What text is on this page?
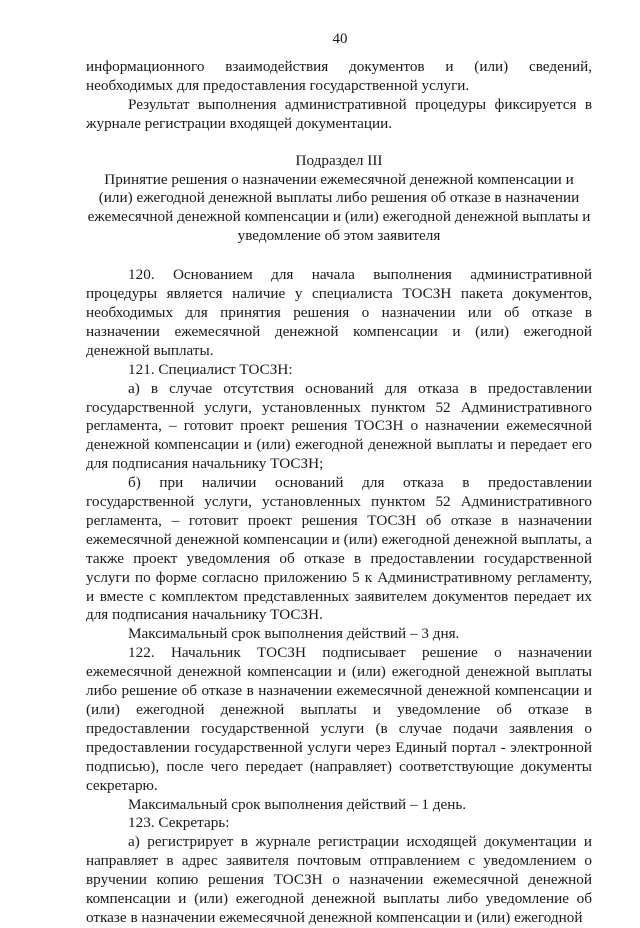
40

информационного взаимодействия документов и (или) сведений, необходимых для предоставления государственной услуги.

Результат выполнения административной процедуры фиксируется в журнале регистрации входящей документации.

Подраздел III

Принятие решения о назначении ежемесячной денежной компенсации и (или) ежегодной денежной выплаты либо решения об отказе в назначении ежемесячной денежной компенсации и (или) ежегодной денежной выплаты и уведомление об этом заявителя

120. Основанием для начала выполнения административной процедуры является наличие у специалиста ТОСЗН пакета документов, необходимых для принятия решения о назначении или об отказе в назначении ежемесячной денежной компенсации и (или) ежегодной денежной выплаты.

121. Специалист ТОСЗН:

а) в случае отсутствия оснований для отказа в предоставлении государственной услуги, установленных пунктом 52 Административного регламента, – готовит проект решения ТОСЗН о назначении ежемесячной денежной компенсации и (или) ежегодной денежной выплаты и передает его для подписания начальнику ТОСЗН;

б) при наличии оснований для отказа в предоставлении государственной услуги, установленных пунктом 52 Административного регламента, – готовит проект решения ТОСЗН об отказе в назначении ежемесячной денежной компенсации и (или) ежегодной денежной выплаты, а также проект уведомления об отказе в предоставлении государственной услуги по форме согласно приложению 5 к Административному регламенту, и вместе с комплектом представленных заявителем документов передает их для подписания начальнику ТОСЗН.

Максимальный срок выполнения действий – 3 дня.

122. Начальник ТОСЗН подписывает решение о назначении ежемесячной денежной компенсации и (или) ежегодной денежной выплаты либо решение об отказе в назначении ежемесячной денежной компенсации и (или) ежегодной денежной выплаты и уведомление об отказе в предоставлении государственной услуги (в случае подачи заявления о предоставлении государственной услуги через Единый портал - электронной подписью), после чего передает (направляет) соответствующие документы секретарю.

Максимальный срок выполнения действий – 1 день.

123. Секретарь:

а) регистрирует в журнале регистрации исходящей документации и направляет в адрес заявителя почтовым отправлением с уведомлением о вручении копию решения ТОСЗН о назначении ежемесячной денежной компенсации и (или) ежегодной денежной выплаты либо уведомление об отказе в назначении ежемесячной денежной компенсации и (или) ежегодной
